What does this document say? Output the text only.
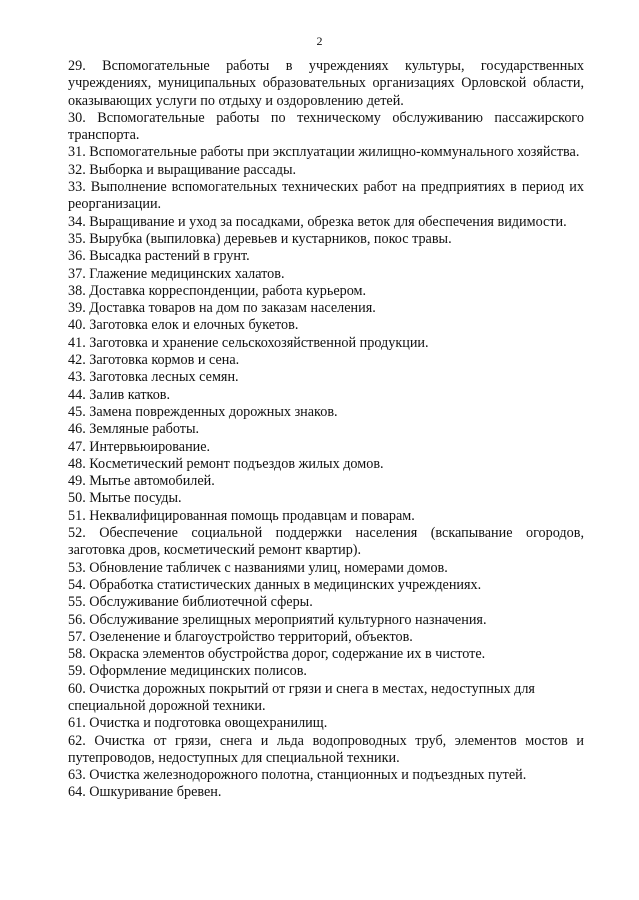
2
29. Вспомогательные работы в учреждениях культуры, государственных учреждениях, муниципальных образовательных организациях Орловской области, оказывающих услуги по отдыху и оздоровлению детей.
30. Вспомогательные работы по техническому обслуживанию пассажирского транспорта.
31. Вспомогательные работы при эксплуатации жилищно-коммунального хозяйства.
32. Выборка и выращивание рассады.
33. Выполнение вспомогательных технических работ на предприятиях в период их реорганизации.
34. Выращивание и уход за посадками, обрезка веток для обеспечения видимости.
35. Вырубка (выпиловка) деревьев и кустарников, покос травы.
36. Высадка растений в грунт.
37. Глажение медицинских халатов.
38. Доставка корреспонденции, работа курьером.
39. Доставка товаров на дом по заказам населения.
40. Заготовка елок и елочных букетов.
41. Заготовка и хранение сельскохозяйственной продукции.
42. Заготовка кормов и сена.
43. Заготовка лесных семян.
44. Залив катков.
45. Замена поврежденных дорожных знаков.
46. Земляные работы.
47. Интервьюирование.
48. Косметический ремонт подъездов жилых домов.
49. Мытье автомобилей.
50. Мытье посуды.
51. Неквалифицированная помощь продавцам и поварам.
52. Обеспечение социальной поддержки населения (вскапывание огородов, заготовка дров, косметический ремонт квартир).
53. Обновление табличек с названиями улиц, номерами домов.
54. Обработка статистических данных в медицинских учреждениях.
55. Обслуживание библиотечной сферы.
56. Обслуживание зрелищных мероприятий культурного назначения.
57. Озеленение и благоустройство территорий, объектов.
58. Окраска элементов обустройства дорог, содержание их в чистоте.
59. Оформление медицинских полисов.
60. Очистка дорожных покрытий от грязи и снега в местах, недоступных для специальной дорожной техники.
61. Очистка и подготовка овощехранилищ.
62. Очистка от грязи, снега и льда водопроводных труб, элементов мостов и путепроводов, недоступных для специальной техники.
63. Очистка железнодорожного полотна, станционных и подъездных путей.
64. Ошкуривание бревен.
